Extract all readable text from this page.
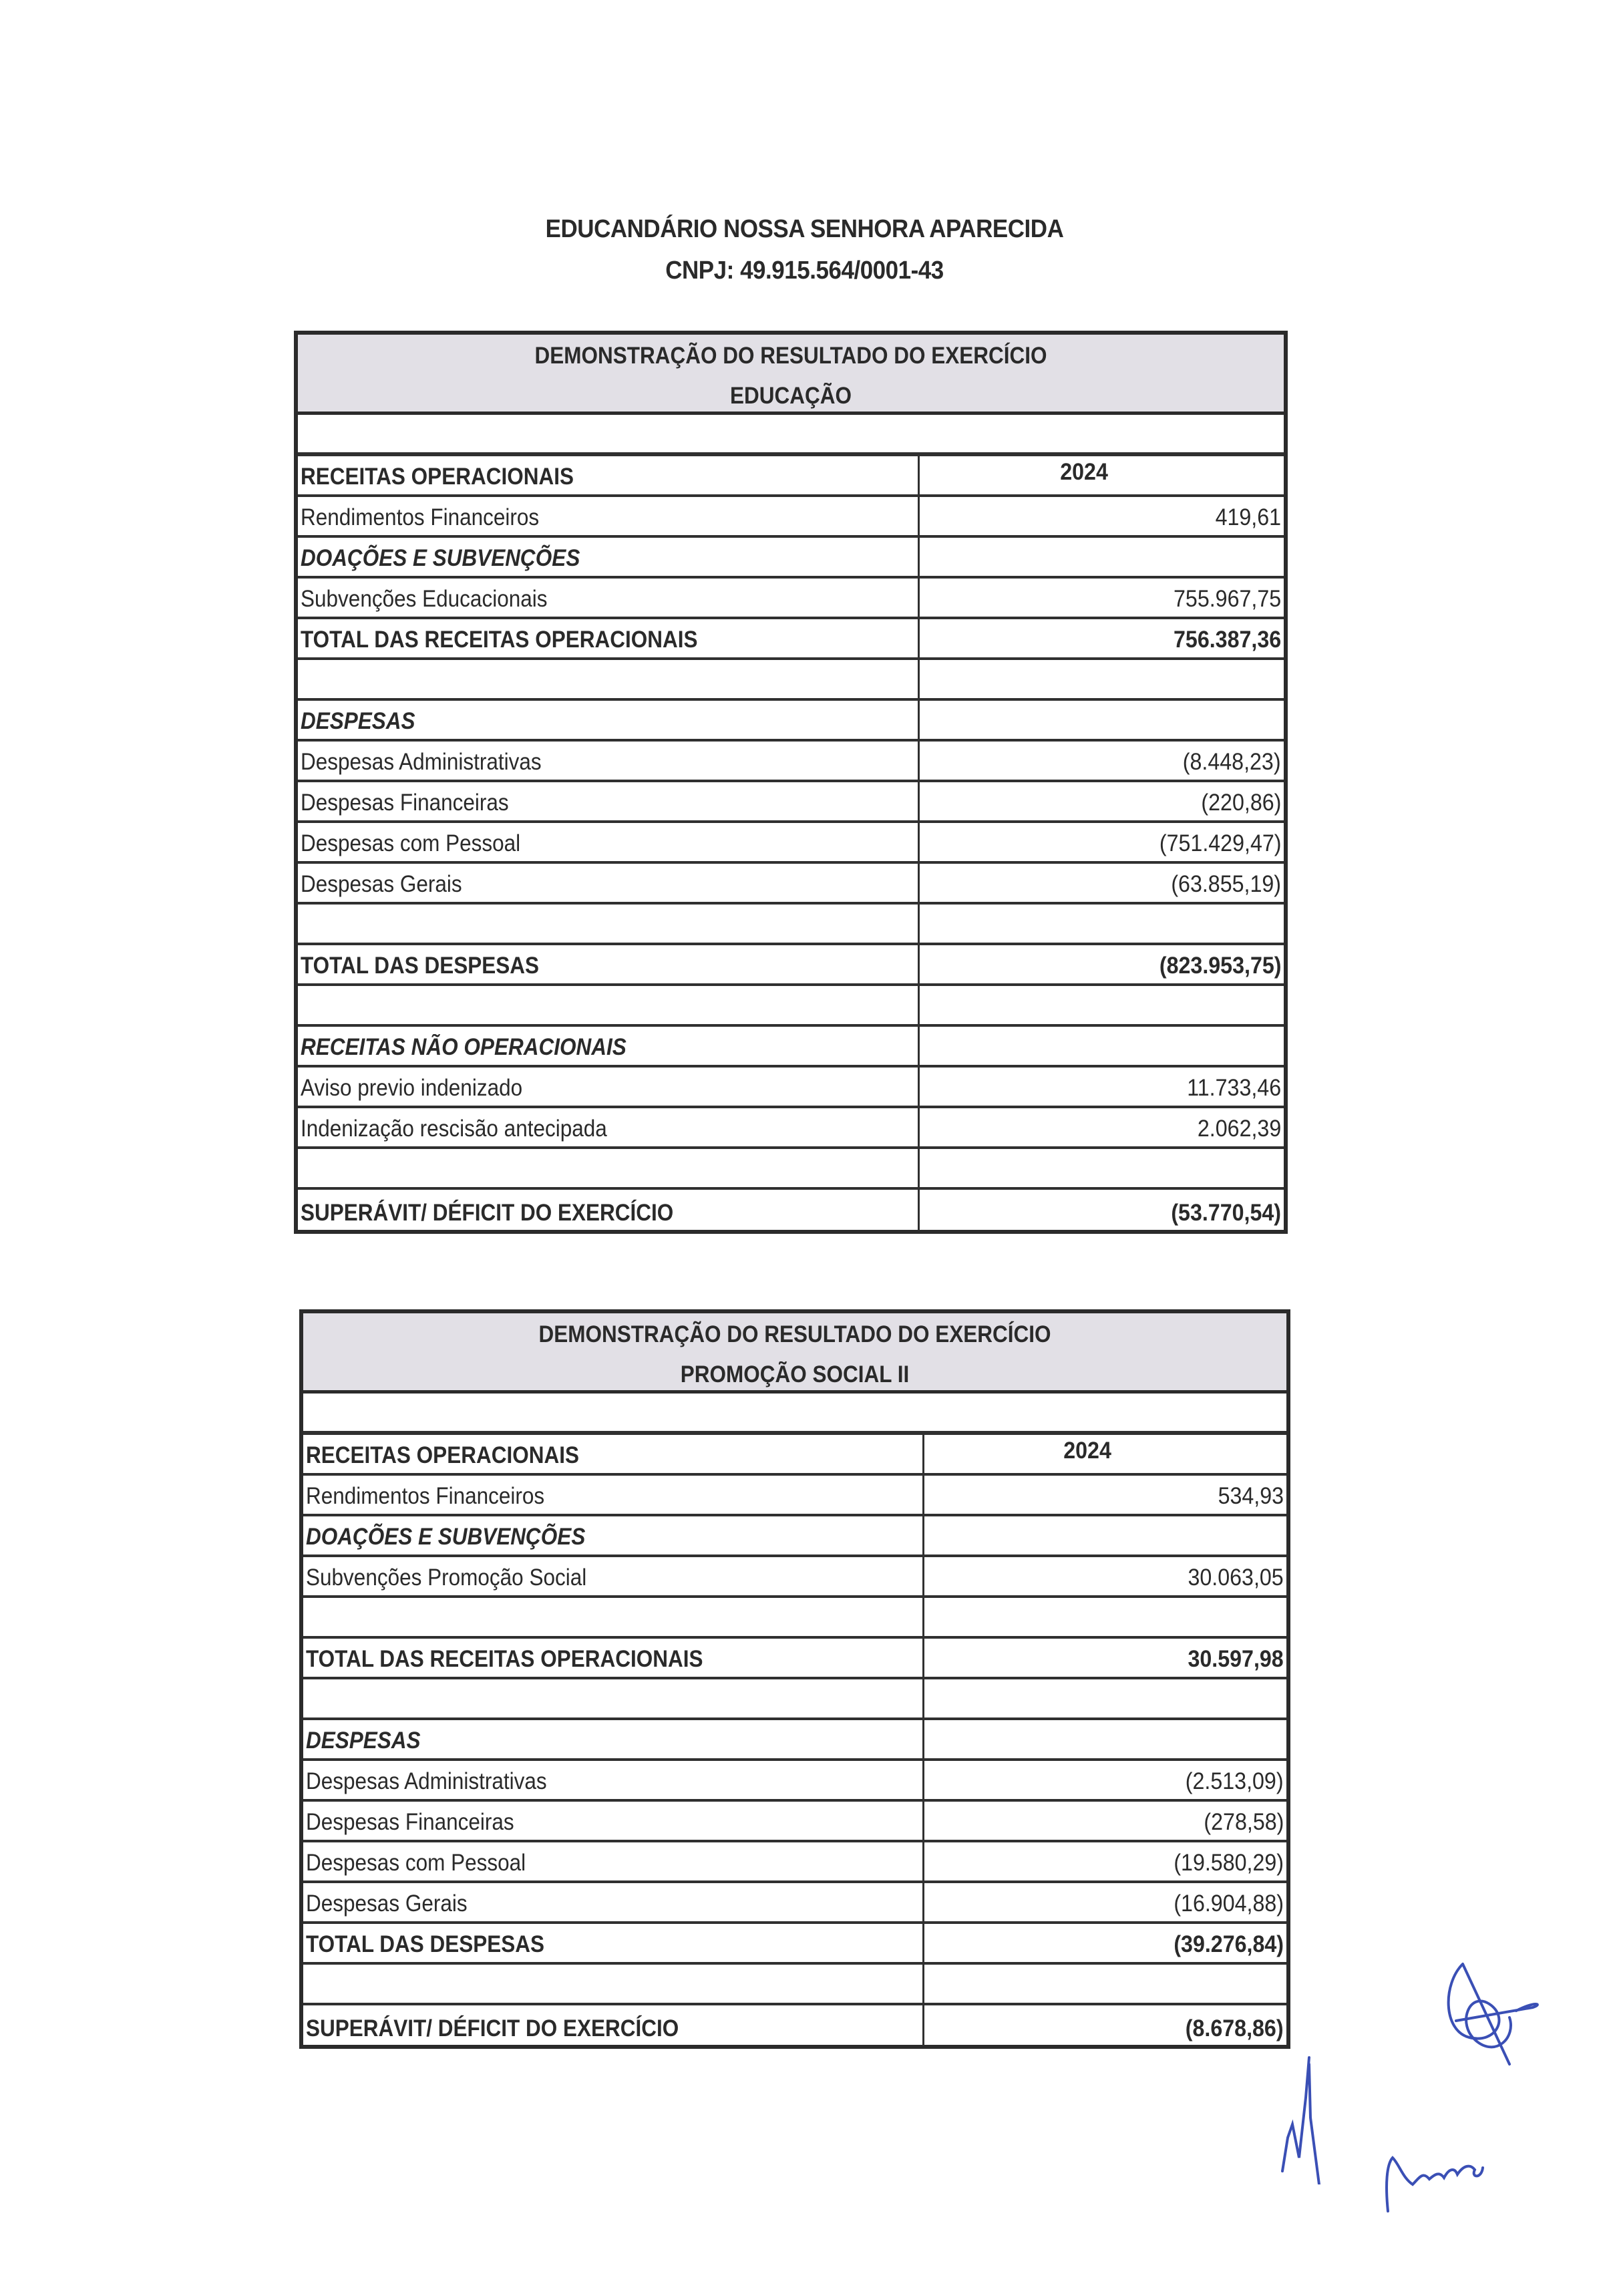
EDUCANDÁRIO NOSSA SENHORA APARECIDA
CNPJ: 49.915.564/0001-43
DEMONSTRAÇÃO DO RESULTADO DO EXERCÍCIO
EDUCAÇÃO
RECEITAS OPERACIONAIS	2024
Rendimentos Financeiros	419,61
DOAÇÕES E SUBVENÇÕES
Subvenções Educacionais	755.967,75
TOTAL DAS RECEITAS OPERACIONAIS	756.387,36
DESPESAS
Despesas Administrativas	(8.448,23)
Despesas Financeiras	(220,86)
Despesas com Pessoal	(751.429,47)
Despesas Gerais	(63.855,19)
TOTAL DAS DESPESAS	(823.953,75)
RECEITAS NÃO OPERACIONAIS
Aviso previo indenizado	11.733,46
Indenização rescisão antecipada	2.062,39
SUPERÁVIT/ DÉFICIT DO EXERCÍCIO	(53.770,54)
DEMONSTRAÇÃO DO RESULTADO DO EXERCÍCIO
PROMOÇÃO SOCIAL II
RECEITAS OPERACIONAIS	2024
Rendimentos Financeiros	534,93
DOAÇÕES E SUBVENÇÕES
Subvenções Promoção Social	30.063,05
TOTAL DAS RECEITAS OPERACIONAIS	30.597,98
DESPESAS
Despesas Administrativas	(2.513,09)
Despesas Financeiras	(278,58)
Despesas com Pessoal	(19.580,29)
Despesas Gerais	(16.904,88)
TOTAL DAS DESPESAS	(39.276,84)
SUPERÁVIT/ DÉFICIT DO EXERCÍCIO	(8.678,86)
